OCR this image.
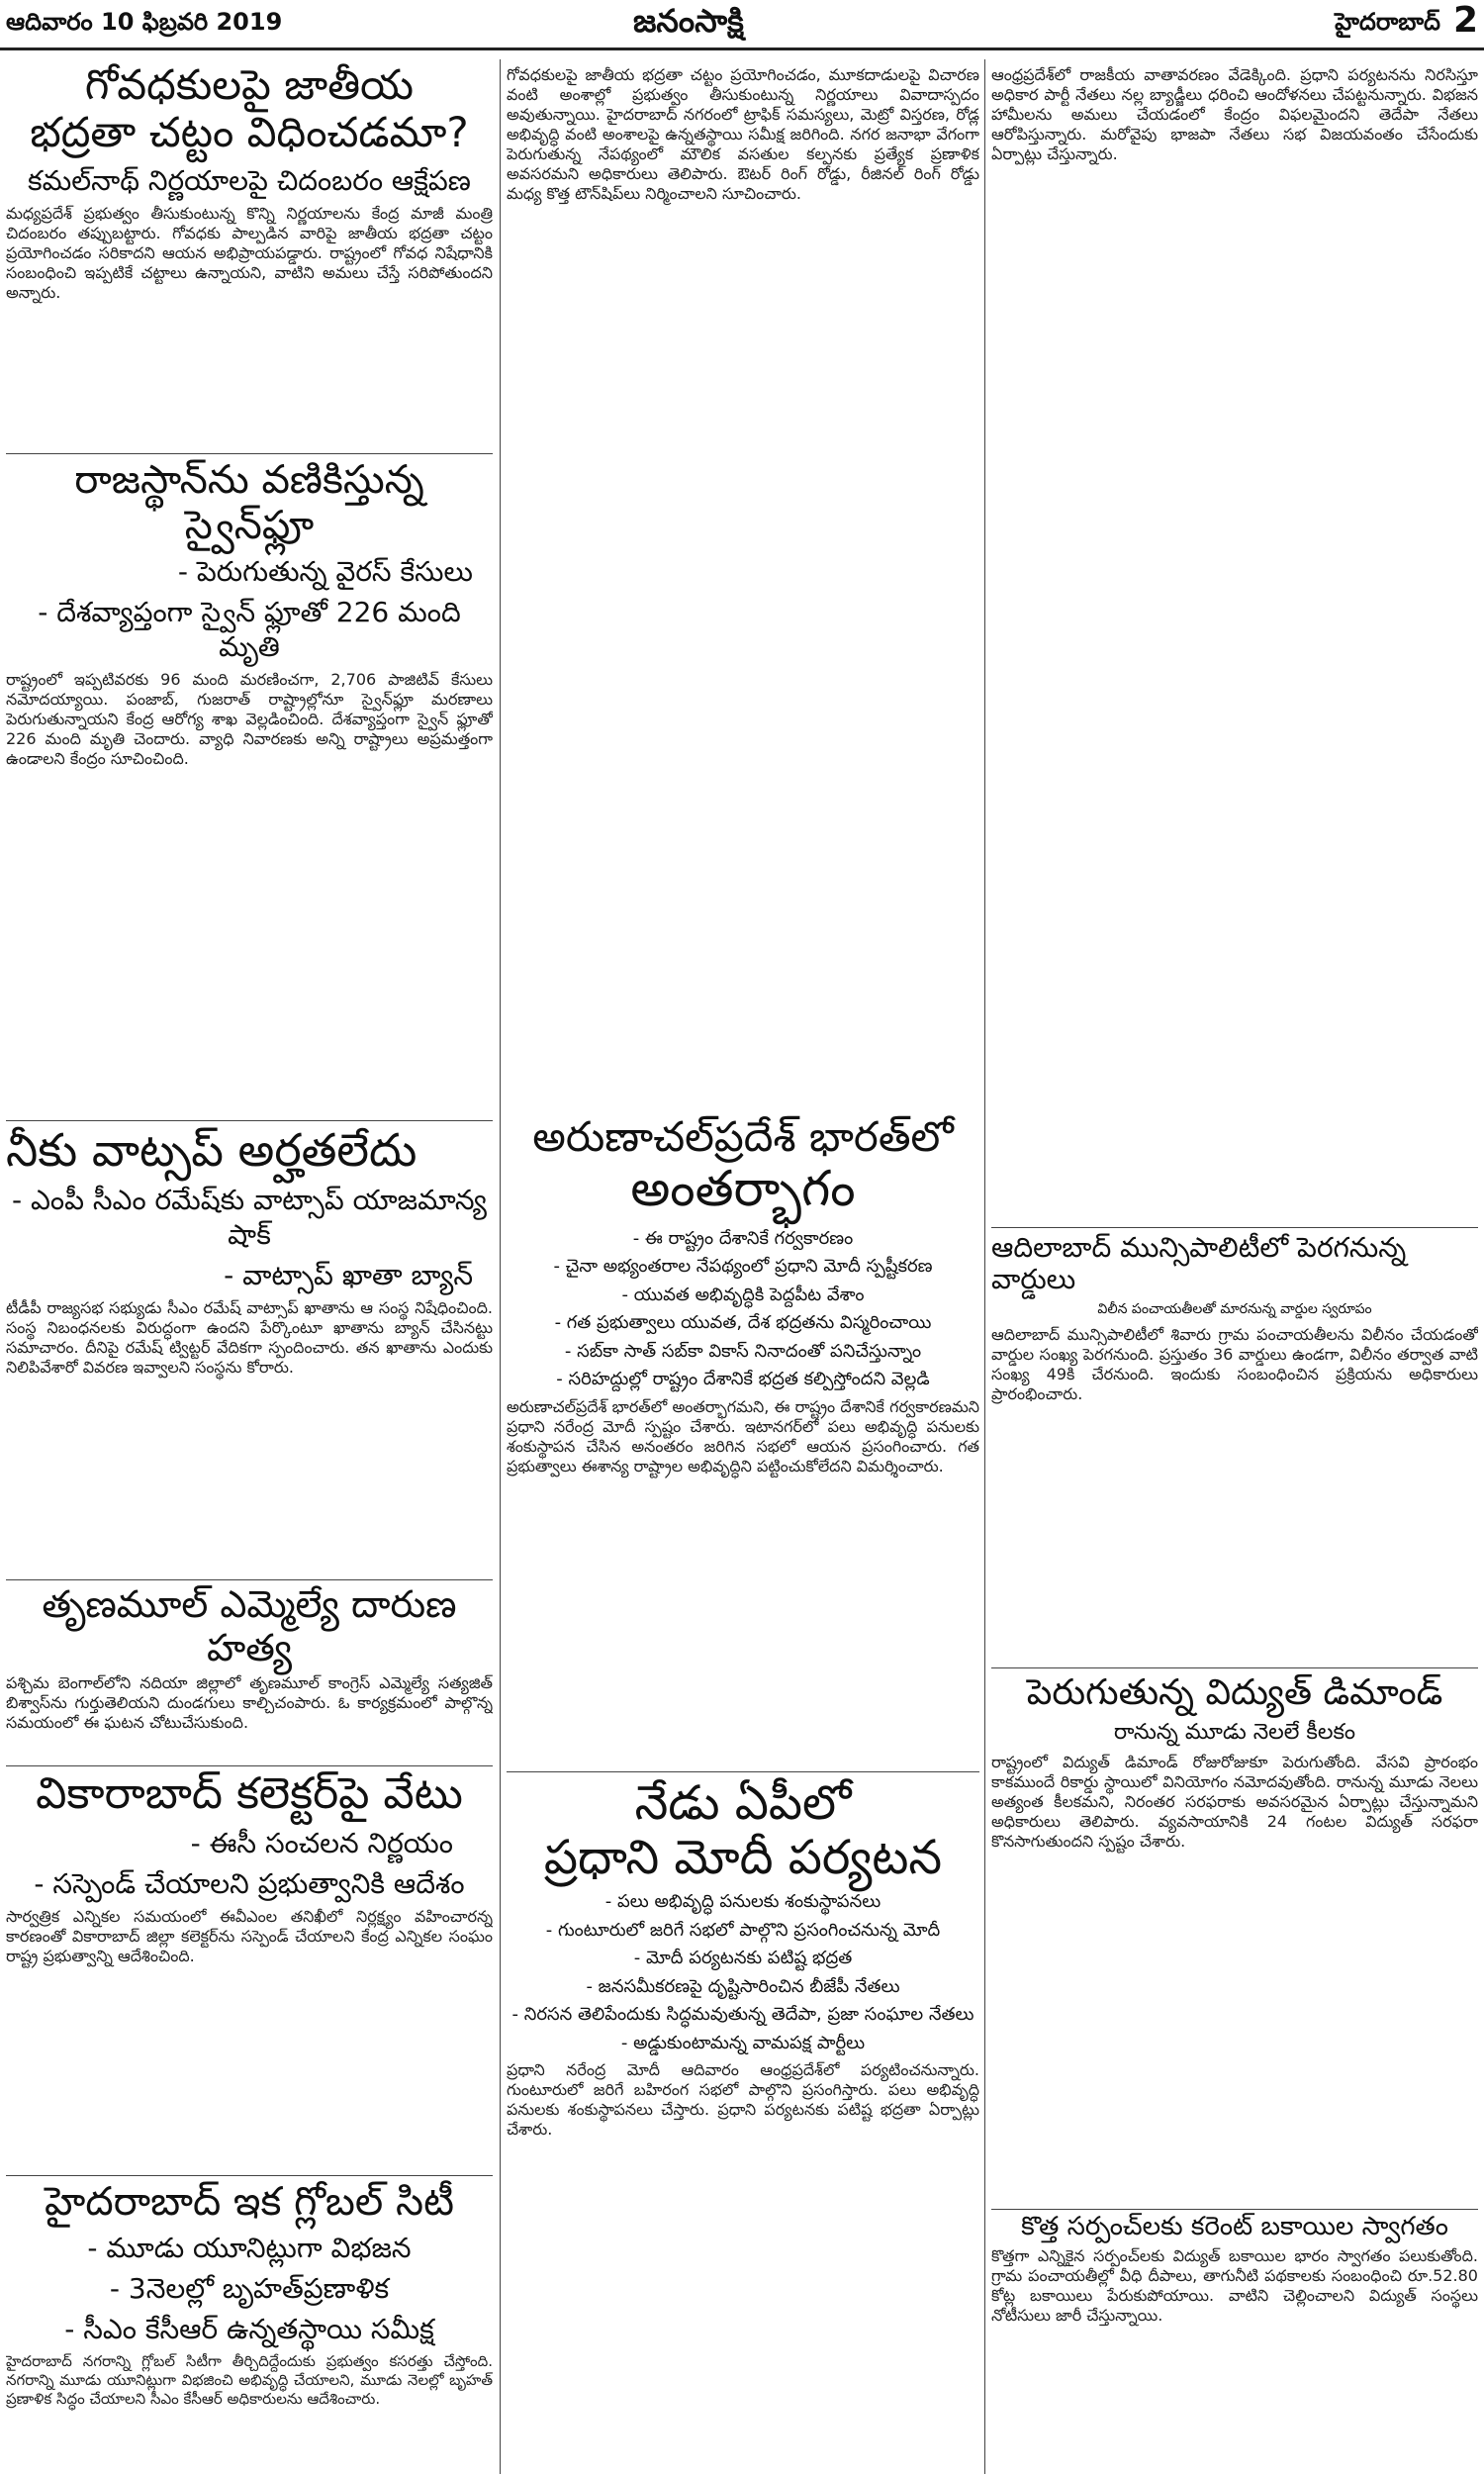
ఆదివారం 10 ఫిబ్రవరి 2019	జనంసాక్షి	హైదరాబాద్ 2
గోవధకులపై జాతీయ
భద్రతా చట్టం విధించడమా?
కమల్‌నాథ్‌ నిర్ణయాలపై చిదంబరం ఆక్షేపణ

మధ్యప్రదేశ్‌ ప్రభుత్వం తీసుకుంటున్న కొన్ని నిర్ణయాలను కేంద్ర మాజీ మంత్రి చిదంబరం తప్పుబట్టారు. గోవధకు పాల్పడిన వారిపై జాతీయ భద్రతా చట్టం ప్రయోగించడం సరికాదని ఆయన అభిప్రాయపడ్డారు. రాష్ట్రంలో గోవధ నిషేధానికి సంబంధించి ఇప్పటికే చట్టాలు ఉన్నాయని, వాటిని అమలు చేస్తే సరిపోతుందని అన్నారు.

రాజస్థాన్‌ను వణికిస్తున్న స్వైన్‌ఫ్లూ
- పెరుగుతున్న వైరస్‌ కేసులు
- దేశవ్యాప్తంగా స్వైన్‌ ఫ్లూతో 226 మంది మృతి

రాష్ట్రంలో ఇప్పటివరకు 96 మంది మరణించగా, 2,706 పాజిటివ్‌ కేసులు నమోదయ్యాయి. పంజాబ్‌, గుజరాత్‌ రాష్ట్రాల్లోనూ స్వైన్‌ఫ్లూ మరణాలు పెరుగుతున్నాయని కేంద్ర ఆరోగ్య శాఖ వెల్లడించింది. దేశవ్యాప్తంగా స్వైన్‌ ఫ్లూతో 226 మంది మృతి చెందారు. వ్యాధి నివారణకు అన్ని రాష్ట్రాలు అప్రమత్తంగా ఉండాలని కేంద్రం సూచించింది.

నీకు వాట్సప్‌ అర్హతలేదు
- ఎంపీ సీఎం రమేష్‌కు వాట్సాప్‌ యాజమాన్య షాక్‌
- వాట్సాప్‌ ఖాతా బ్యాన్‌

టీడీపీ రాజ్యసభ సభ్యుడు సీఎం రమేష్‌ వాట్సాప్‌ ఖాతాను ఆ సంస్థ నిషేధించింది. సంస్థ నిబంధనలకు విరుద్ధంగా ఉందని పేర్కొంటూ ఖాతాను బ్యాన్‌ చేసినట్టు సమాచారం. దీనిపై రమేష్‌ ట్విట్టర్‌ వేదికగా స్పందించారు. తన ఖాతాను ఎందుకు నిలిపివేశారో వివరణ ఇవ్వాలని సంస్థను కోరారు.

తృణమూల్‌ ఎమ్మెల్యే దారుణ హత్య

పశ్చిమ బెంగాల్‌లోని నదియా జిల్లాలో తృణమూల్‌ కాంగ్రెస్‌ ఎమ్మెల్యే సత్యజిత్‌ బిశ్వాస్‌ను గుర్తుతెలియని దుండగులు కాల్చిచంపారు. ఓ కార్యక్రమంలో పాల్గొన్న సమయంలో ఈ ఘటన చోటుచేసుకుంది.

వికారాబాద్‌ కలెక్టర్‌పై వేటు
- ఈసీ సంచలన నిర్ణయం
- సస్పెండ్‌ చేయాలని ప్రభుత్వానికి ఆదేశం

సార్వత్రిక ఎన్నికల సమయంలో ఈవీఎంల తనిఖీలో నిర్లక్ష్యం వహించారన్న కారణంతో వికారాబాద్‌ జిల్లా కలెక్టర్‌ను సస్పెండ్‌ చేయాలని కేంద్ర ఎన్నికల సంఘం రాష్ట్ర ప్రభుత్వాన్ని ఆదేశించింది.

హైదరాబాద్‌ ఇక గ్లోబల్‌ సిటీ
- మూడు యూనిట్లుగా విభజన
- 3నెలల్లో బృహత్‌ప్రణాళిక
- సీఎం కేసీఆర్‌ ఉన్నతస్థాయి సమీక్ష

హైదరాబాద్‌ నగరాన్ని గ్లోబల్‌ సిటీగా తీర్చిదిద్దేందుకు ప్రభుత్వం కసరత్తు చేస్తోంది. నగరాన్ని మూడు యూనిట్లుగా విభజించి అభివృద్ధి చేయాలని, మూడు నెలల్లో బృహత్‌ ప్రణాళిక సిద్ధం చేయాలని సీఎం కేసీఆర్‌ అధికారులను ఆదేశించారు.

గోవధకులపై జాతీయ భద్రతా చట్టం ప్రయోగించడం, మూకదాడులపై విచారణ వంటి అంశాల్లో ప్రభుత్వం తీసుకుంటున్న నిర్ణయాలు వివాదాస్పదం అవుతున్నాయి. హైదరాబాద్‌ నగరంలో ట్రాఫిక్‌ సమస్యలు, మెట్రో విస్తరణ, రోడ్ల అభివృద్ధి వంటి అంశాలపై ఉన్నతస్థాయి సమీక్ష జరిగింది. నగర జనాభా వేగంగా పెరుగుతున్న నేపథ్యంలో మౌలిక వసతుల కల్పనకు ప్రత్యేక ప్రణాళిక అవసరమని అధికారులు తెలిపారు. ఔటర్‌ రింగ్‌ రోడ్డు, రీజినల్‌ రింగ్‌ రోడ్డు మధ్య కొత్త టౌన్‌షిప్‌లు నిర్మించాలని సూచించారు.

అరుణాచల్‌ప్రదేశ్‌ భారత్‌లో
అంతర్భాగం
- ఈ రాష్ట్రం దేశానికే గర్వకారణం
- చైనా అభ్యంతరాల నేపథ్యంలో ప్రధాని మోదీ స్పష్టీకరణ
- యువత అభివృద్ధికి పెద్దపీట వేశాం
- గత ప్రభుత్వాలు యువత, దేశ భద్రతను విస్మరించాయి
- సబ్‌కా సాత్‌ సబ్‌కా వికాస్‌ నినాదంతో పనిచేస్తున్నాం
- సరిహద్దుల్లో రాష్ట్రం దేశానికే భద్రత కల్పిస్తోందని వెల్లడి

అరుణాచల్‌ప్రదేశ్‌ భారత్‌లో అంతర్భాగమని, ఈ రాష్ట్రం దేశానికే గర్వకారణమని ప్రధాని నరేంద్ర మోదీ స్పష్టం చేశారు. ఇటానగర్‌లో పలు అభివృద్ధి పనులకు శంకుస్థాపన చేసిన అనంతరం జరిగిన సభలో ఆయన ప్రసంగించారు. గత ప్రభుత్వాలు ఈశాన్య రాష్ట్రాల అభివృద్ధిని పట్టించుకోలేదని విమర్శించారు.

నేడు ఏపీలో
ప్రధాని మోదీ పర్యటన
- పలు అభివృద్ధి పనులకు శంకుస్థాపనలు
- గుంటూరులో జరిగే సభలో పాల్గొని ప్రసంగించనున్న మోదీ
- మోదీ పర్యటనకు పటిష్ట భద్రత
- జనసమీకరణపై దృష్టిసారించిన బీజేపీ నేతలు
- నిరసన తెలిపేందుకు సిద్ధమవుతున్న తెదేపా, ప్రజా సంఘాల నేతలు
- అడ్డుకుంటామన్న వామపక్ష పార్టీలు

ప్రధాని నరేంద్ర మోదీ ఆదివారం ఆంధ్రప్రదేశ్‌లో పర్యటించనున్నారు. గుంటూరులో జరిగే బహిరంగ సభలో పాల్గొని ప్రసంగిస్తారు. పలు అభివృద్ధి పనులకు శంకుస్థాపనలు చేస్తారు. ప్రధాని పర్యటనకు పటిష్ట భద్రతా ఏర్పాట్లు చేశారు.

ఆంధ్రప్రదేశ్‌లో రాజకీయ వాతావరణం వేడెక్కింది. ప్రధాని పర్యటనను నిరసిస్తూ అధికార పార్టీ నేతలు నల్ల బ్యాడ్జీలు ధరించి ఆందోళనలు చేపట్టనున్నారు. విభజన హామీలను అమలు చేయడంలో కేంద్రం విఫలమైందని తెదేపా నేతలు ఆరోపిస్తున్నారు. మరోవైపు భాజపా నేతలు సభ విజయవంతం చేసేందుకు ఏర్పాట్లు చేస్తున్నారు.

ఆదిలాబాద్‌ మున్సిపాలిటీలో పెరగనున్న వార్డులు
విలీన పంచాయతీలతో మారనున్న వార్డుల స్వరూపం

ఆదిలాబాద్‌ మున్సిపాలిటీలో శివారు గ్రామ పంచాయతీలను విలీనం చేయడంతో వార్డుల సంఖ్య పెరగనుంది. ప్రస్తుతం 36 వార్డులు ఉండగా, విలీనం తర్వాత వాటి సంఖ్య 49కి చేరనుంది. ఇందుకు సంబంధించిన ప్రక్రియను అధికారులు ప్రారంభించారు.

పెరుగుతున్న విద్యుత్‌ డిమాండ్‌
రానున్న మూడు నెలలే కీలకం

రాష్ట్రంలో విద్యుత్‌ డిమాండ్‌ రోజురోజుకూ పెరుగుతోంది. వేసవి ప్రారంభం కాకముందే రికార్డు స్థాయిలో వినియోగం నమోదవుతోంది. రానున్న మూడు నెలలు అత్యంత కీలకమని, నిరంతర సరఫరాకు అవసరమైన ఏర్పాట్లు చేస్తున్నామని అధికారులు తెలిపారు. వ్యవసాయానికి 24 గంటల విద్యుత్‌ సరఫరా కొనసాగుతుందని స్పష్టం చేశారు.

కొత్త సర్పంచ్‌లకు కరెంట్‌ బకాయిల స్వాగతం

కొత్తగా ఎన్నికైన సర్పంచ్‌లకు విద్యుత్‌ బకాయిల భారం స్వాగతం పలుకుతోంది. గ్రామ పంచాయతీల్లో వీధి దీపాలు, తాగునీటి పథకాలకు సంబంధించి రూ.52.80 కోట్ల బకాయిలు పేరుకుపోయాయి. వాటిని చెల్లించాలని విద్యుత్‌ సంస్థలు నోటీసులు జారీ చేస్తున్నాయి.
